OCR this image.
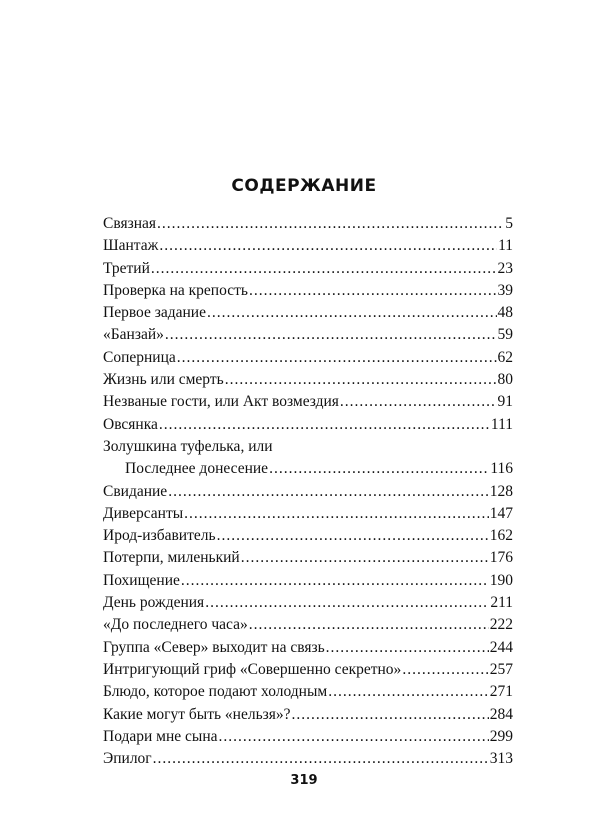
СОДЕРЖАНИЕ
Связная .....	5
Шантаж .....	11
Третий .....	23
Проверка на крепость .....	39
Первое задание .....	48
«Банзай» .....	59
Соперница .....	62
Жизнь или смерть .....	80
Незваные гости, или Акт возмездия .....	91
Овсянка .....	111
Золушкина туфелька, или
Последнее донесение .....	116
Свидание .....	128
Диверсанты .....	147
Ирод-избавитель .....	162
Потерпи, миленький .....	176
Похищение .....	190
День рождения .....	211
«До последнего часа» .....	222
Группа «Север» выходит на связь .....	244
Интригующий гриф «Совершенно секретно» .....	257
Блюдо, которое подают холодным .....	271
Какие могут быть «нельзя»? .....	284
Подари мне сына .....	299
Эпилог .....	313
319
